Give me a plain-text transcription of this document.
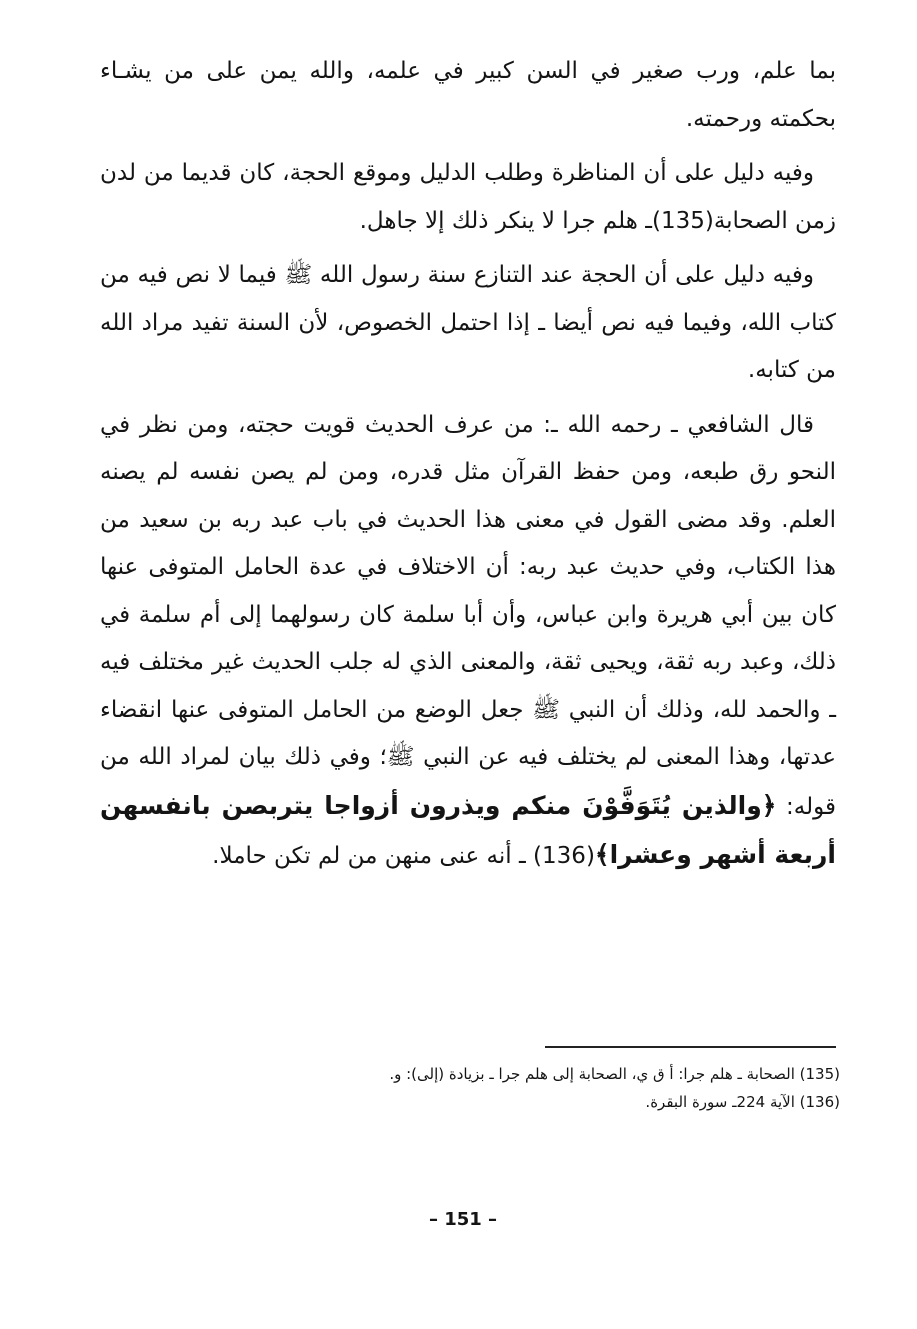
بما علم، ورب صغير في السن كبير في علمه، والله يمن على من يشـاء بحكمته ورحمته.

وفيه دليل على أن المناظرة وطلب الدليل وموقع الحجة، كان قديما من لدن زمن الصحابة(135)ـ هلم جرا لا ينكر ذلك إلا جاهل.

وفيه دليل على أن الحجة عند التنازع سنة رسول الله ﷺ فيما لا نص فيه من كتاب الله، وفيما فيه نص أيضا ـ إذا احتمل الخصوص، لأن السنة تفيد مراد الله من كتابه.

قال الشافعي ـ رحمه الله ـ: من عرف الحديث قويت حجته، ومن نظر في النحو رق طبعه، ومن حفظ القرآن مثل قدره، ومن لم يصن نفسه لم يصنه العلم. وقد مضى القول في معنى هذا الحديث في باب عبد ربه بن سعيد من هذا الكتاب، وفي حديث عبد ربه: أن الاختلاف في عدة الحامل المتوفى عنها كان بين أبي هريرة وابن عباس، وأن أبا سلمة كان رسولهما إلى أم سلمة في ذلك، وعبد ربه ثقة، ويحيى ثقة، والمعنى الذي له جلب الحديث غير مختلف فيه ـ والحمد لله، وذلك أن النبي ﷺ جعل الوضع من الحامل المتوفى عنها انقضاء عدتها، وهذا المعنى لم يختلف فيه عن النبي ﷺ؛ وفي ذلك بيان لمراد الله من قوله: ﴿والذين يُتَوَفَّوْنَ منكم ويذرون أزواجا يتربصن بانفسهن أربعة أشهر وعشرا﴾(136) ـ أنه عنى منهن من لم تكن حاملا.

(135) الصحابة ـ هلم جرا: أ ق ي، الصحابة إلى هلم جرا ـ بزيادة (إلى): و.

(136) الآية 224ـ سورة البقرة.

– 151 –
